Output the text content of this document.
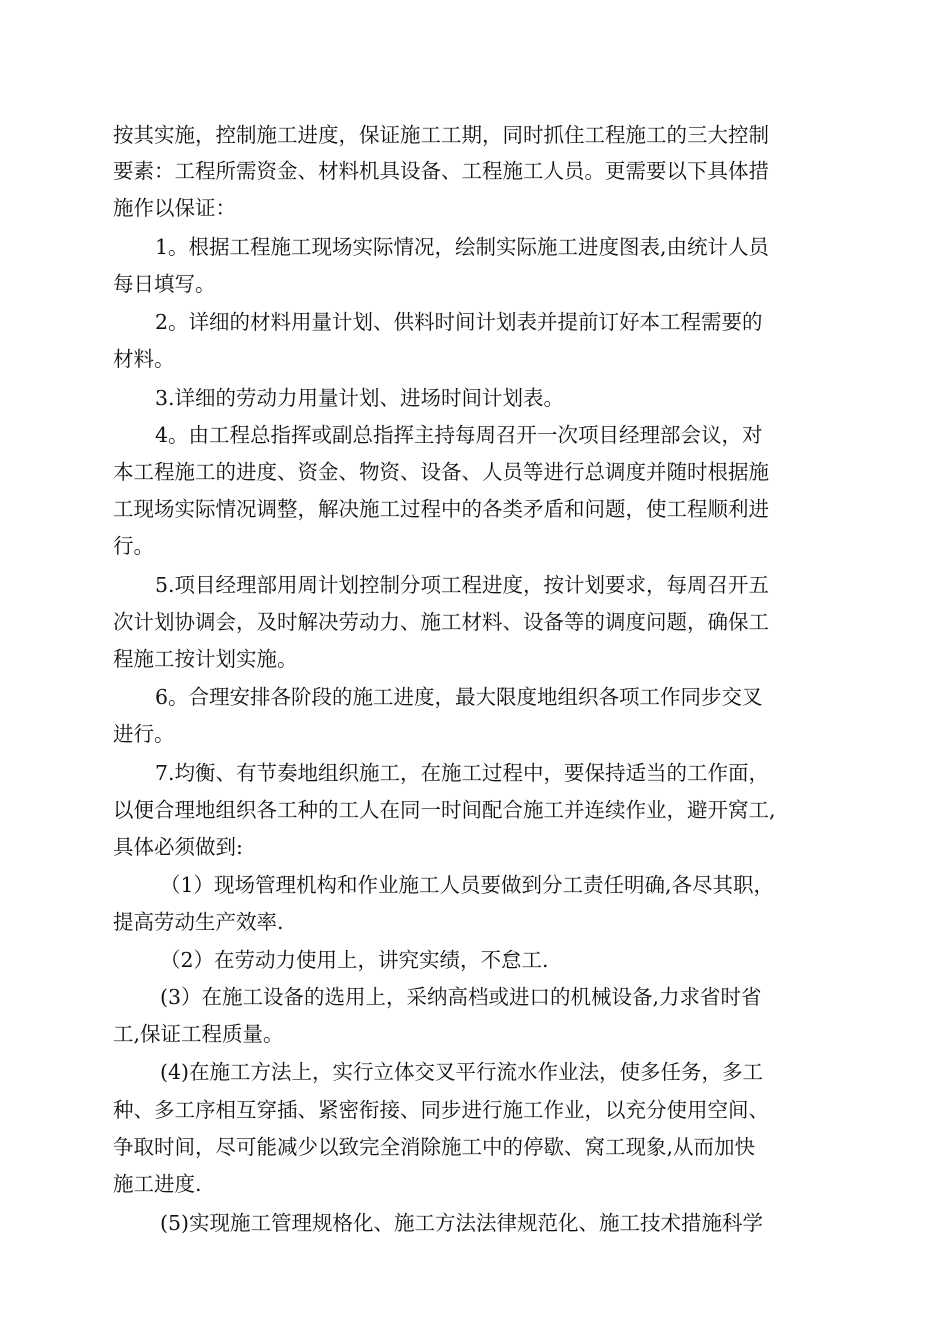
按其实施，控制施工进度，保证施工工期，同时抓住工程施工的三大控制
要素：工程所需资金、材料机具设备、工程施工人员。更需要以下具体措
施作以保证：
1。根据工程施工现场实际情况，绘制实际施工进度图表,由统计人员
每日填写。
2。详细的材料用量计划、供料时间计划表并提前订好本工程需要的
材料。
3.详细的劳动力用量计划、进场时间计划表。
4。由工程总指挥或副总指挥主持每周召开一次项目经理部会议，对
本工程施工的进度、资金、物资、设备、人员等进行总调度并随时根据施
工现场实际情况调整，解决施工过程中的各类矛盾和问题，使工程顺利进
行。
5.项目经理部用周计划控制分项工程进度，按计划要求，每周召开五
次计划协调会，及时解决劳动力、施工材料、设备等的调度问题，确保工
程施工按计划实施。
6。合理安排各阶段的施工进度，最大限度地组织各项工作同步交叉
进行。
7.均衡、有节奏地组织施工，在施工过程中，要保持适当的工作面，
以便合理地组织各工种的工人在同一时间配合施工并连续作业，避开窝工,
具体必须做到:
（1）现场管理机构和作业施工人员要做到分工责任明确,各尽其职，
提高劳动生产效率.
（2）在劳动力使用上，讲究实绩，不怠工.
(3）在施工设备的选用上，采纳高档或进口的机械设备,力求省时省
工,保证工程质量。
(4)在施工方法上，实行立体交叉平行流水作业法，使多任务，多工
种、多工序相互穿插、紧密衔接、同步进行施工作业，以充分使用空间、
争取时间，尽可能减少以致完全消除施工中的停歇、窝工现象,从而加快
施工进度.
(5)实现施工管理规格化、施工方法法律规范化、施工技术措施科学
